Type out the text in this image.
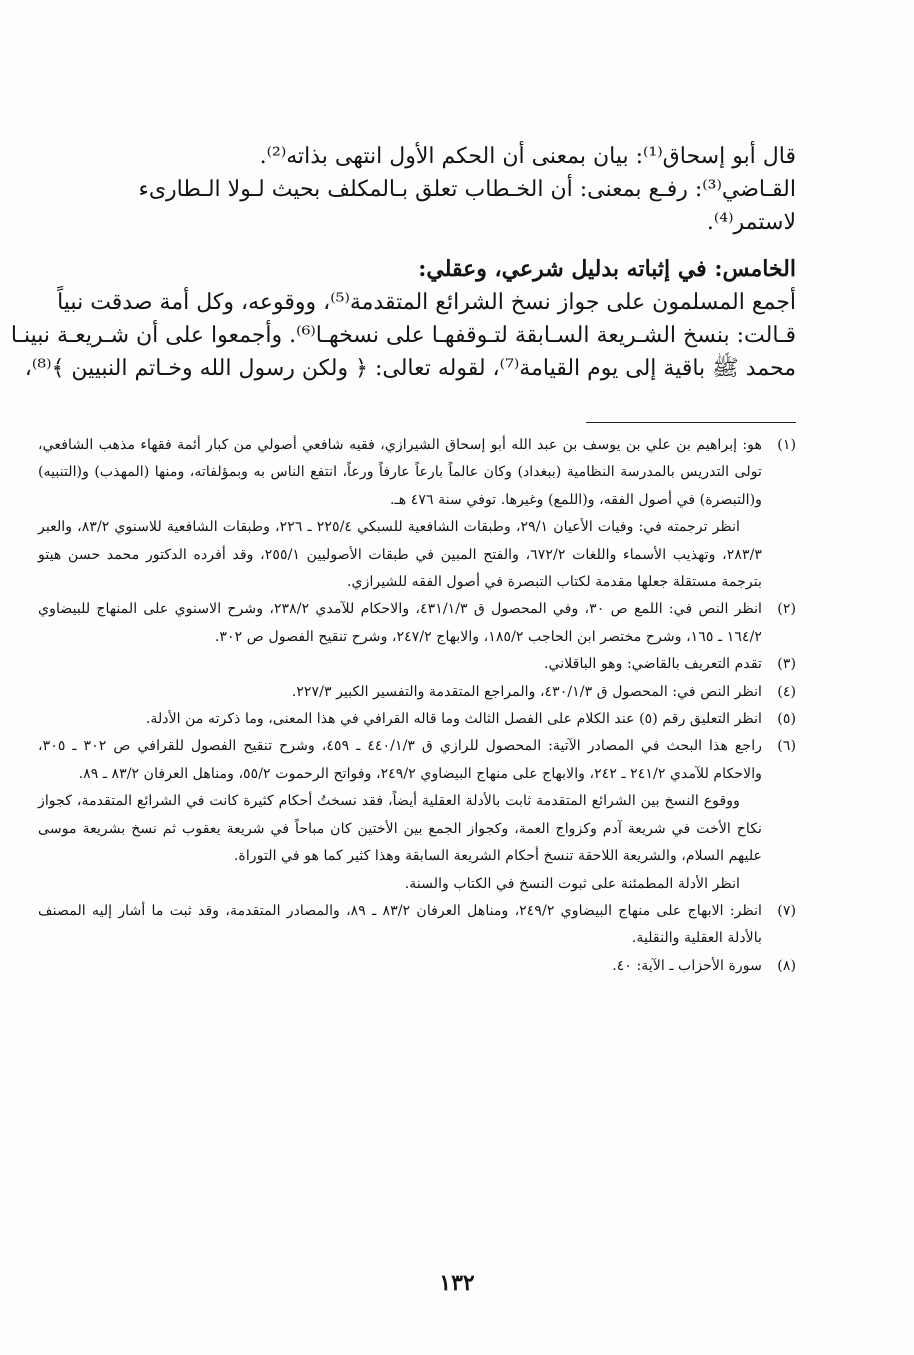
قال أبو إسحاق⁽¹⁾: بيان بمعنى أن الحكم الأول انتهى بذاته⁽²⁾.

القـاضي⁽³⁾: رفـع بمعنى: أن الخـطاب تعلق بـالمكلف بحيث لـولا الـطارىء

لاستمر⁽⁴⁾.

الخامس: في إثباته بدليل شرعي، وعقلي:

أجمع المسلمون على جواز نسخ الشرائع المتقدمة⁽⁵⁾، ووقوعه، وكل أمة صدقت نبياً

قـالت: بنسخ الشـريعة السـابقة لتـوقفهـا على نسخهـا⁽⁶⁾. وأجمعوا على أن شـريعـة نبينـا

محمد ﷺ باقية إلى يوم القيامة⁽⁷⁾، لقوله تعالى: ﴿ ولكن رسول الله وخـاتم النبيين ﴾⁽⁸⁾،

(١)
هو: إبراهيم بن علي بن يوسف بن عبد الله أبو إسحاق الشيرازي، فقيه شافعي أصولي من كبار أئمة فقهاء مذهب الشافعي، تولى التدريس بالمدرسة النظامية (ببغداد) وكان عالماً بارعاً عارفاً ورعاً، انتفع الناس به وبمؤلفاته، ومنها (المهذب) و(التنبيه) و(التبصرة) في أصول الفقه، و(اللمع) وغيرها. توفي سنة ٤٧٦ هـ.

انظر ترجمته في: وفيات الأعيان ٢٩/١، وطبقات الشافعية للسبكي ٢٢٥/٤ ـ ٢٢٦، وطبقات الشافعية للاسنوي ٨٣/٢، والعبر ٢٨٣/٣، وتهذيب الأسماء واللغات ٦٧٢/٢، والفتح المبين في طبقات الأصوليين ٢٥٥/١، وقد أفرده الدكتور محمد حسن هيتو بترجمة مستقلة جعلها مقدمة لكتاب التبصرة في أصول الفقه للشيرازي.

(٢)
انظر النص في: اللمع ص ٣٠، وفي المحصول ق ٤٣١/١/٣، والاحكام للآمدي ٢٣٨/٢، وشرح الاسنوي على المنهاج للبيضاوي ١٦٤/٢ ـ ١٦٥، وشرح مختصر ابن الحاجب ١٨٥/٢، والابهاج ٢٤٧/٢، وشرح تنقيح الفصول ص ٣٠٢.
(٣)
تقدم التعريف بالقاضي: وهو الباقلاني.
(٤)
انظر النص في: المحصول ق ٤٣٠/١/٣، والمراجع المتقدمة والتفسير الكبير ٢٢٧/٣.
(٥)
انظر التعليق رقم (٥) عند الكلام على الفصل الثالث وما قاله القرافي في هذا المعنى، وما ذكرته من الأدلة.
(٦)
راجع هذا البحث في المصادر الآتية: المحصول للرازي ق ٤٤٠/١/٣ ـ ٤٥٩، وشرح تنقيح الفصول للقرافي ص ٣٠٢ ـ ٣٠٥، والاحكام للآمدي ٢٤١/٢ ـ ٢٤٢، والابهاج على منهاج البيضاوي ٢٤٩/٢، وفواتح الرحموت ٥٥/٢، ومناهل العرفان ٨٣/٢ ـ ٨٩.

ووقوع النسخ بين الشرائع المتقدمة ثابت بالأدلة العقلية أيضاً، فقد نسختُ أحكام كثيرة كانت في الشرائع المتقدمة، كجواز نكاح الأخت في شريعة آدم وكزواج العمة، وكجواز الجمع بين الأختين كان مباحاً في شريعة يعقوب ثم نسخ بشريعة موسى عليهم السلام، والشريعة اللاحقة تنسخ أحكام الشريعة السابقة وهذا كثير كما هو في التوراة.

انظر الأدلة المطمئنة على ثبوت النسخ في الكتاب والسنة.

(٧)
انظر: الابهاج على منهاج البيضاوي ٢٤٩/٢، ومناهل العرفان ٨٣/٢ ـ ٨٩، والمصادر المتقدمة، وقد ثبت ما أشار إليه المصنف بالأدلة العقلية والنقلية.
(٨)
سورة الأحزاب ـ الآية: ٤٠.
١٣٢
